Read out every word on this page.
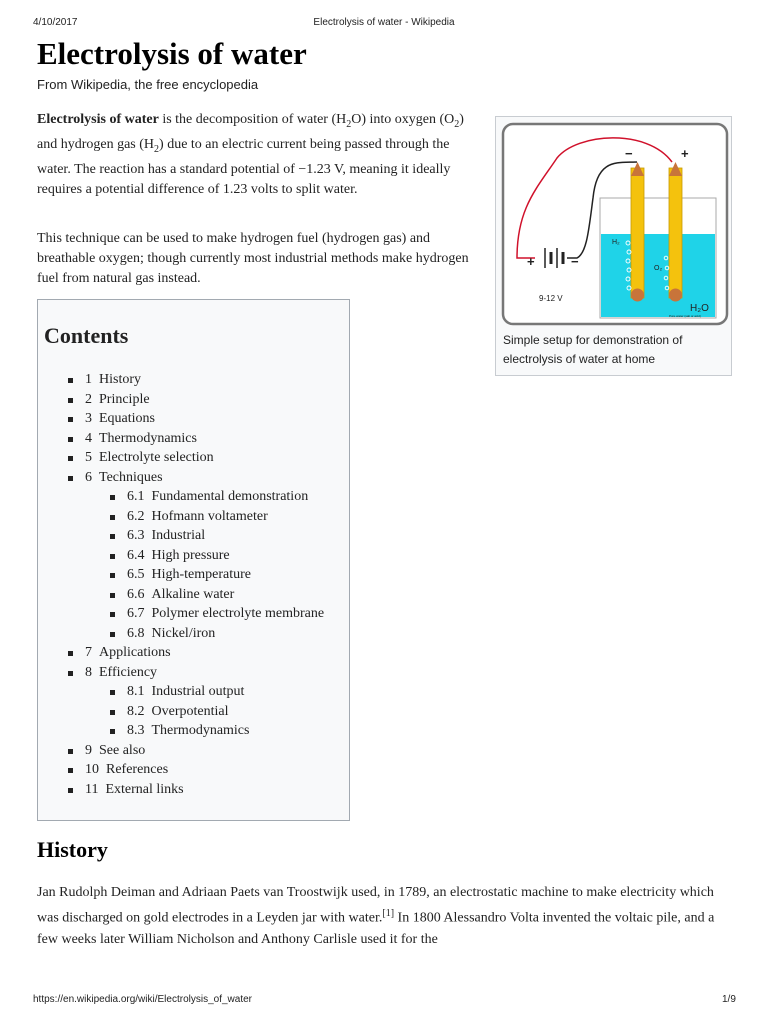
4/10/2017	Electrolysis of water - Wikipedia
Electrolysis of water
From Wikipedia, the free encyclopedia

Electrolysis of water is the decomposition of water $(H_2O)$ into oxygen $(O_2)$ and hydrogen gas $(H_2)$ due to an electric current being passed through the water. The reaction has a standard potential of −1.23 V, meaning it ideally requires a potential difference of 1.23 volts to split water.

This technique can be used to make hydrogen fuel (hydrogen gas) and breathable oxygen; though currently most industrial methods make hydrogen fuel from natural gas instead.

+	−
9-12 V
−	+
H₂
O₂
H₂O
Pure water (salt or acid)
Simple setup for demonstration of electrolysis of water at home
Contents
1 History
2 Principle
3 Equations
4 Thermodynamics
5 Electrolyte selection
6 Techniques
6.1 Fundamental demonstration
6.2 Hofmann voltameter
6.3 Industrial
6.4 High pressure
6.5 High-temperature
6.6 Alkaline water
6.7 Polymer electrolyte membrane
6.8 Nickel/iron
7 Applications
8 Efficiency
8.1 Industrial output
8.2 Overpotential
8.3 Thermodynamics
9 See also
10 References
11 External links
History

Jan Rudolph Deiman and Adriaan Paets van Troostwijk used, in 1789, an electrostatic machine to make electricity which was discharged on gold electrodes in a Leyden jar with water.[1] In 1800 Alessandro Volta invented the voltaic pile, and a few weeks later William Nicholson and Anthony Carlisle used it for the

https://en.wikipedia.org/wiki/Electrolysis_of_water	1/9
